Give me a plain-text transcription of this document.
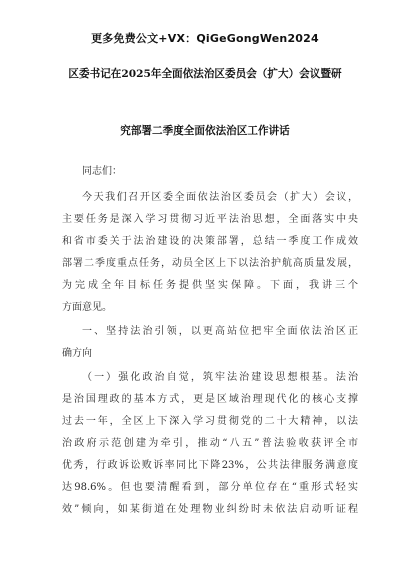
更多免费公文+VX：QiGeGongWen2024
区委书记在2025年全面依法治区委员会（扩大）会议暨研
究部署二季度全面依法治区工作讲话
同志们：
今天我们召开区委全面依法治区委员会（扩大）会议，
主要任务是深入学习贯彻习近平法治思想，全面落实中央
和省市委关于法治建设的决策部署，总结一季度工作成效
部署二季度重点任务，动员全区上下以法治护航高质量发展，
为完成全年目标任务提供坚实保障。下面，我讲三个
方面意见。
一、坚持法治引领，以更高站位把牢全面依法治区正
确方向
（一）强化政治自觉，筑牢法治建设思想根基。法治
是治国理政的基本方式，更是区域治理现代化的核心支撑
过去一年，全区上下深入学习贯彻党的二十大精神，以法
治政府示范创建为牵引，推动“八五”普法验收获评全市
优秀，行政诉讼败诉率同比下降23%，公共法律服务满意度
达98.6%。但也要清醒看到，部分单位存在“重形式轻实
效”倾向，如某街道在处理物业纠纷时未依法启动听证程
